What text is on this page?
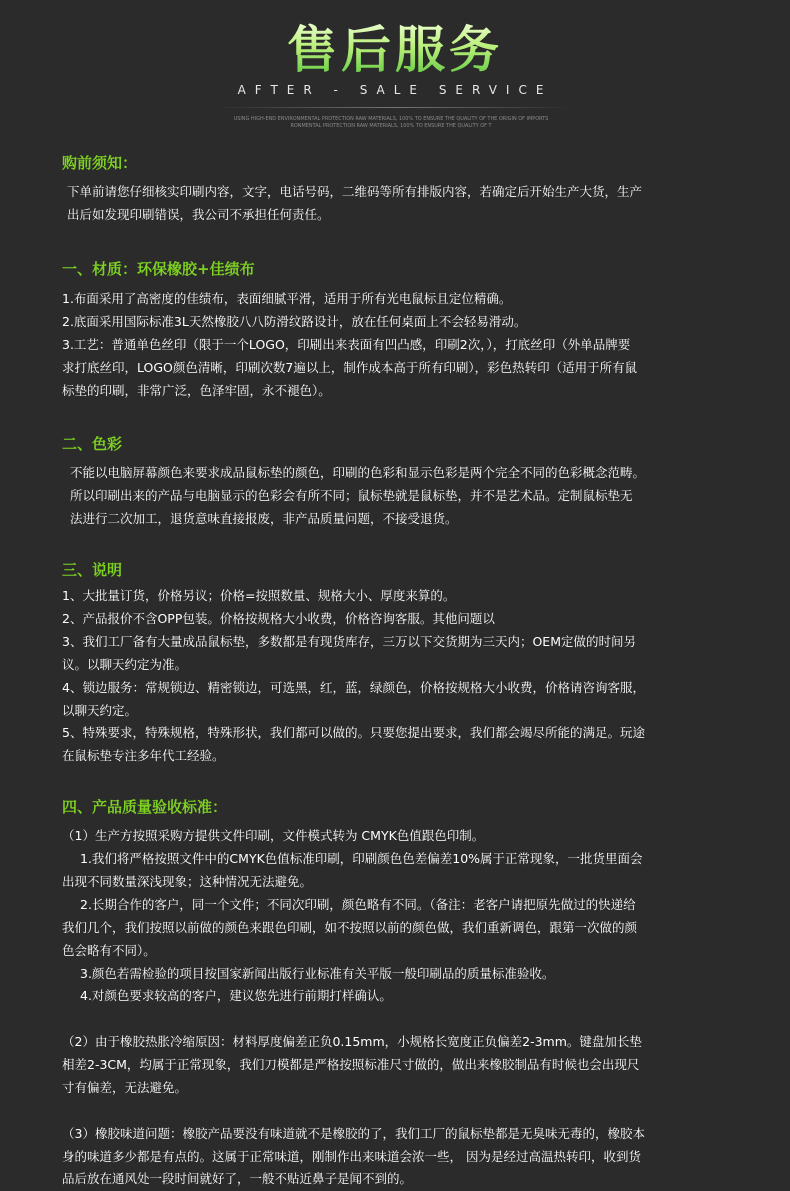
售后服务
AFTER - SALE SERVICE
USING HIGH-END ENVIRONMENTAL PROTECTION RAW MATERIALS, 100% TO ENSURE THE QUALITY OF THE ORIGIN OF IMPORTS
RONMENTAL PROTECTION RAW MATERIALS, 100% TO ENSURE THE QUALITY OF T
购前须知：
下单前请您仔细核实印刷内容，文字，电话号码，二维码等所有排版内容，若确定后开始生产大货，生产
出后如发现印刷错误，我公司不承担任何责任。
一、材质：环保橡胶+佳绩布
1.布面采用了高密度的佳绩布，表面细腻平滑，适用于所有光电鼠标且定位精确。
2.底面采用国际标准3L天然橡胶八八防滑纹路设计，放在任何桌面上不会轻易滑动。
3.工艺：普通单色丝印（限于一个LOGO，印刷出来表面有凹凸感，印刷2次，），打底丝印（外单品牌要
求打底丝印，LOGO颜色清晰，印刷次数7遍以上，制作成本高于所有印刷），彩色热转印（适用于所有鼠
标垫的印刷，非常广泛，色泽牢固，永不褪色）。
二、色彩
不能以电脑屏幕颜色来要求成品鼠标垫的颜色，印刷的色彩和显示色彩是两个完全不同的色彩概念范畴。
所以印刷出来的产品与电脑显示的色彩会有所不同；鼠标垫就是鼠标垫，并不是艺术品。定制鼠标垫无
法进行二次加工，退货意味直接报废，非产品质量问题，不接受退货。
三、说明
1、大批量订货，价格另议；价格=按照数量、规格大小、厚度来算的。
2、产品报价不含OPP包装。价格按规格大小收费，价格咨询客服。其他问题以
3、我们工厂备有大量成品鼠标垫，多数都是有现货库存，三万以下交货期为三天内；OEM定做的时间另
议。以聊天约定为准。
4、锁边服务：常规锁边、精密锁边，可选黑，红，蓝，绿颜色，价格按规格大小收费，价格请咨询客服，
以聊天约定。
5、特殊要求，特殊规格，特殊形状，我们都可以做的。只要您提出要求，我们都会竭尽所能的满足。玩途
在鼠标垫专注多年代工经验。
四、产品质量验收标准：
（1）生产方按照采购方提供文件印刷，文件模式转为 CMYK色值跟色印制。
1.我们将严格按照文件中的CMYK色值标准印刷，印刷颜色色差偏差10%属于正常现象，一批货里面会
出现不同数量深浅现象；这种情况无法避免。
2.长期合作的客户，同一个文件；不同次印刷，颜色略有不同。（备注：老客户请把原先做过的快递给
我们几个，我们按照以前做的颜色来跟色印刷，如不按照以前的颜色做，我们重新调色，跟第一次做的颜
色会略有不同）。
3.颜色若需检验的项目按国家新闻出版行业标准有关平版一般印刷品的质量标准验收。
4.对颜色要求较高的客户，建议您先进行前期打样确认。
（2）由于橡胶热胀冷缩原因：材料厚度偏差正负0.15mm，小规格长宽度正负偏差2-3mm。键盘加长垫
相差2-3CM，均属于正常现象，我们刀模都是严格按照标准尺寸做的，做出来橡胶制品有时候也会出现尺
寸有偏差，无法避免。
（3）橡胶味道问题：橡胶产品要没有味道就不是橡胶的了，我们工厂的鼠标垫都是无臭味无毒的，橡胶本
身的味道多少都是有点的。这属于正常味道，刚制作出来味道会浓一些， 因为是经过高温热转印，收到货
品后放在通风处一段时间就好了，一般不贴近鼻子是闻不到的。
